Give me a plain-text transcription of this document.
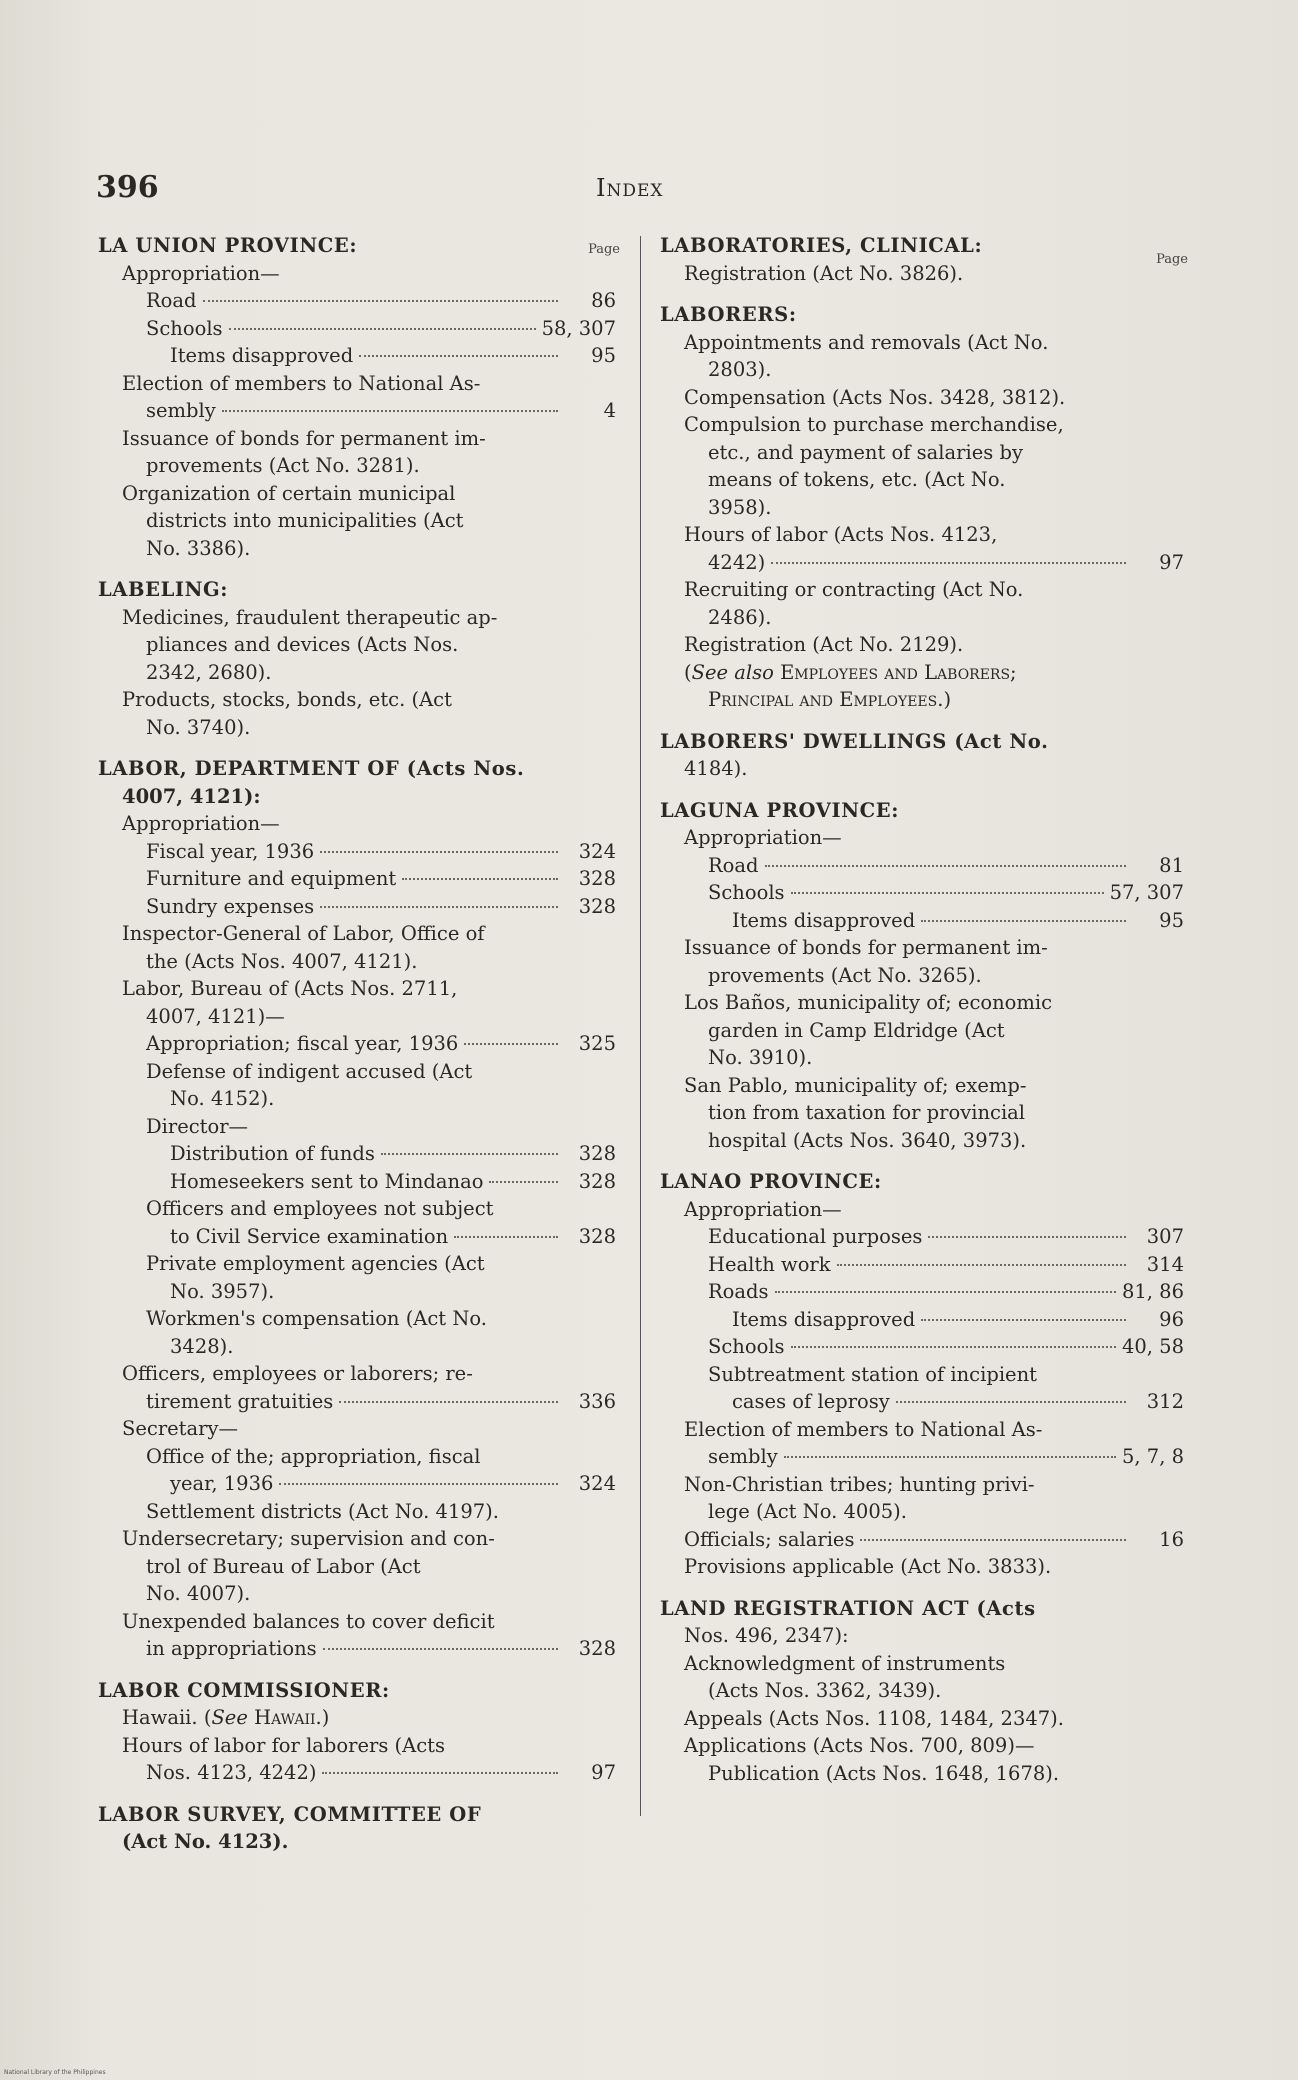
396	Index
Page
LA UNION PROVINCE:
Appropriation—
Road	86
Schools	58, 307
Items disapproved	95
Election of members to National As-
sembly	4
Issuance of bonds for permanent im-
provements (Act No. 3281).
Organization of certain municipal
districts into municipalities (Act
No. 3386).
LABELING:
Medicines, fraudulent therapeutic ap-
pliances and devices (Acts Nos.
2342, 2680).
Products, stocks, bonds, etc. (Act
No. 3740).
LABOR, DEPARTMENT OF (Acts Nos.
4007, 4121):
Appropriation—
Fiscal year, 1936	324
Furniture and equipment	328
Sundry expenses	328
Inspector-General of Labor, Office of
the (Acts Nos. 4007, 4121).
Labor, Bureau of (Acts Nos. 2711,
4007, 4121)—
Appropriation; fiscal year, 1936	325
Defense of indigent accused (Act
No. 4152).
Director—
Distribution of funds	328
Homeseekers sent to Mindanao	328
Officers and employees not subject
to Civil Service examination	328
Private employment agencies (Act
No. 3957).
Workmen's compensation (Act No.
3428).
Officers, employees or laborers; re-
tirement gratuities	336
Secretary—
Office of the; appropriation, fiscal
year, 1936	324
Settlement districts (Act No. 4197).
Undersecretary; supervision and con-
trol of Bureau of Labor (Act
No. 4007).
Unexpended balances to cover deficit
in appropriations	328
LABOR COMMISSIONER:
Hawaii. (See Hawaii.)
Hours of labor for laborers (Acts
Nos. 4123, 4242)	97
LABOR SURVEY, COMMITTEE OF
(Act No. 4123).
Page
LABORATORIES, CLINICAL:
Registration (Act No. 3826).
LABORERS:
Appointments and removals (Act No.
2803).
Compensation (Acts Nos. 3428, 3812).
Compulsion to purchase merchandise,
etc., and payment of salaries by
means of tokens, etc. (Act No.
3958).
Hours of labor (Acts Nos. 4123,
4242)	97
Recruiting or contracting (Act No.
2486).
Registration (Act No. 2129).
(See also Employees and Laborers;
Principal and Employees.)
LABORERS' DWELLINGS (Act No.
4184).
LAGUNA PROVINCE:
Appropriation—
Road	81
Schools	57, 307
Items disapproved	95
Issuance of bonds for permanent im-
provements (Act No. 3265).
Los Baños, municipality of; economic
garden in Camp Eldridge (Act
No. 3910).
San Pablo, municipality of; exemp-
tion from taxation for provincial
hospital (Acts Nos. 3640, 3973).
LANAO PROVINCE:
Appropriation—
Educational purposes	307
Health work	314
Roads	81, 86
Items disapproved	96
Schools	40, 58
Subtreatment station of incipient
cases of leprosy	312
Election of members to National As-
sembly	5, 7, 8
Non-Christian tribes; hunting privi-
lege (Act No. 4005).
Officials; salaries	16
Provisions applicable (Act No. 3833).
LAND REGISTRATION ACT (Acts
Nos. 496, 2347):
Acknowledgment of instruments
(Acts Nos. 3362, 3439).
Appeals (Acts Nos. 1108, 1484, 2347).
Applications (Acts Nos. 700, 809)—
Publication (Acts Nos. 1648, 1678).
National Library of the Philippines
